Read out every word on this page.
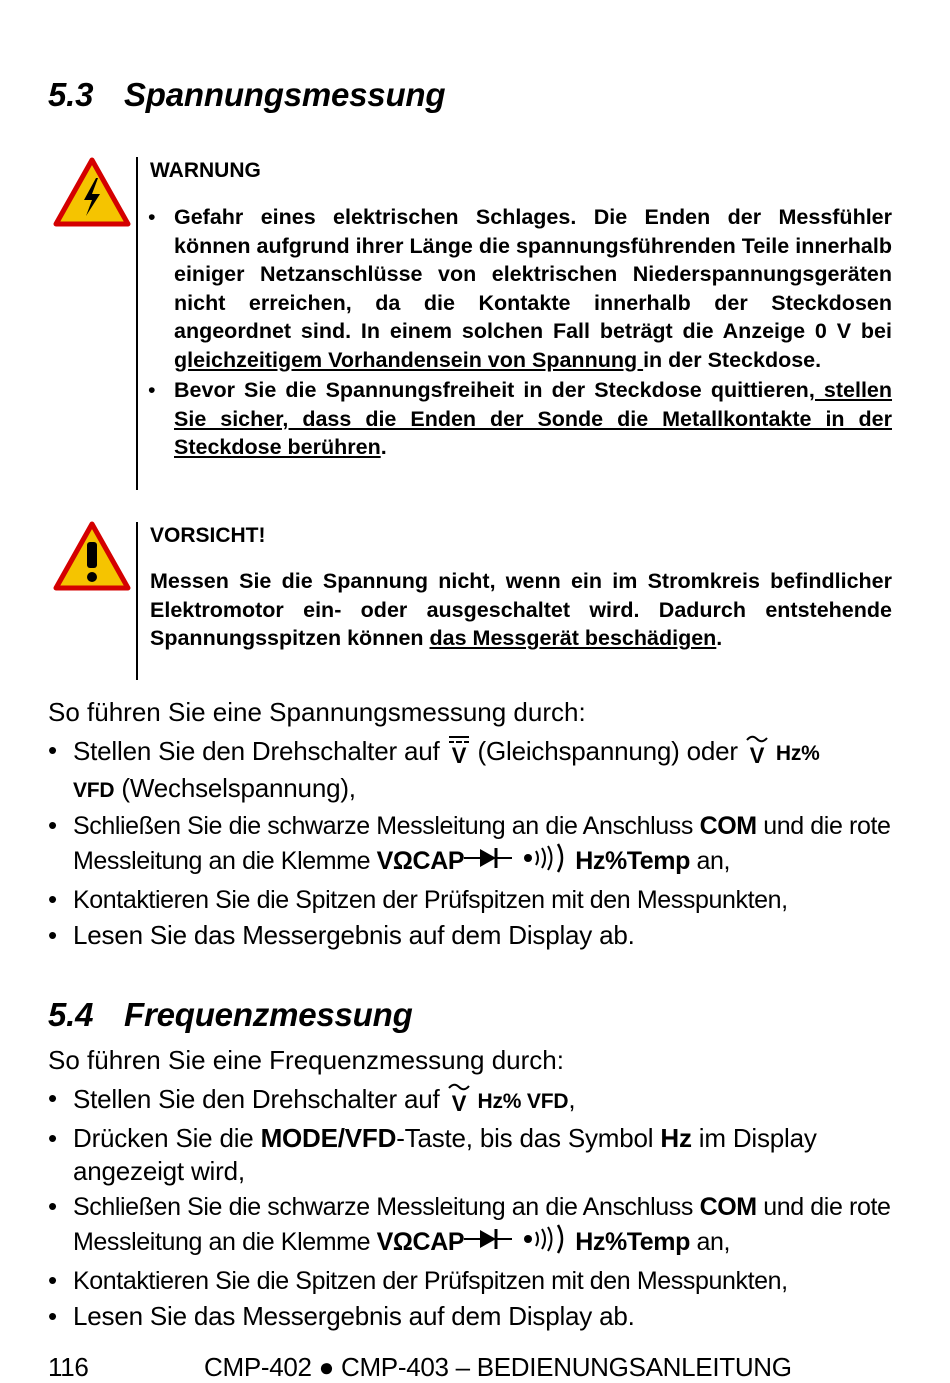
5.3 Spannungsmessung
WARNUNG
• Gefahr eines elektrischen Schlages. Die Enden der Messfühler können aufgrund ihrer Länge die spannungsführenden Teile innerhalb einiger Netzanschlüsse von elektrischen Niederspannungsgeräten nicht erreichen, da die Kontakte innerhalb der Steckdosen angeordnet sind. In einem solchen Fall beträgt die Anzeige 0 V bei gleichzeitigem Vorhandensein von Spannung in der Steckdose.
• Bevor Sie die Spannungsfreiheit in der Steckdose quittieren, stellen Sie sicher, dass die Enden der Sonde die Metallkontakte in der Steckdose berühren.
VORSICHT!

Messen Sie die Spannung nicht, wenn ein im Stromkreis befindlicher Elektromotor ein- oder ausgeschaltet wird. Dadurch entstehende Spannungsspitzen können das Messgerät beschädigen.

So führen Sie eine Spannungsmessung durch:
• Stellen Sie den Drehschalter auf V (Gleichspannung) oder V Hz%
VFD (Wechselspannung),
• Schließen Sie die schwarze Messleitung an die Anschluss COM und die rote Messleitung an die Klemme VΩCAP	Hz%Temp an,
• Kontaktieren Sie die Spitzen der Prüfspitzen mit den Messpunkten,
• Lesen Sie das Messergebnis auf dem Display ab.
5.4 Frequenzmessung
So führen Sie eine Frequenzmessung durch:
• Stellen Sie den Drehschalter auf V Hz% VFD,
• Drücken Sie die MODE/VFD-Taste, bis das Symbol Hz im Display angezeigt wird,
• Schließen Sie die schwarze Messleitung an die Anschluss COM und die rote Messleitung an die Klemme VΩCAP	Hz%Temp an,
• Kontaktieren Sie die Spitzen der Prüfspitzen mit den Messpunkten,
• Lesen Sie das Messergebnis auf dem Display ab.
116	CMP-402 ● CMP-403 – BEDIENUNGSANLEITUNG
